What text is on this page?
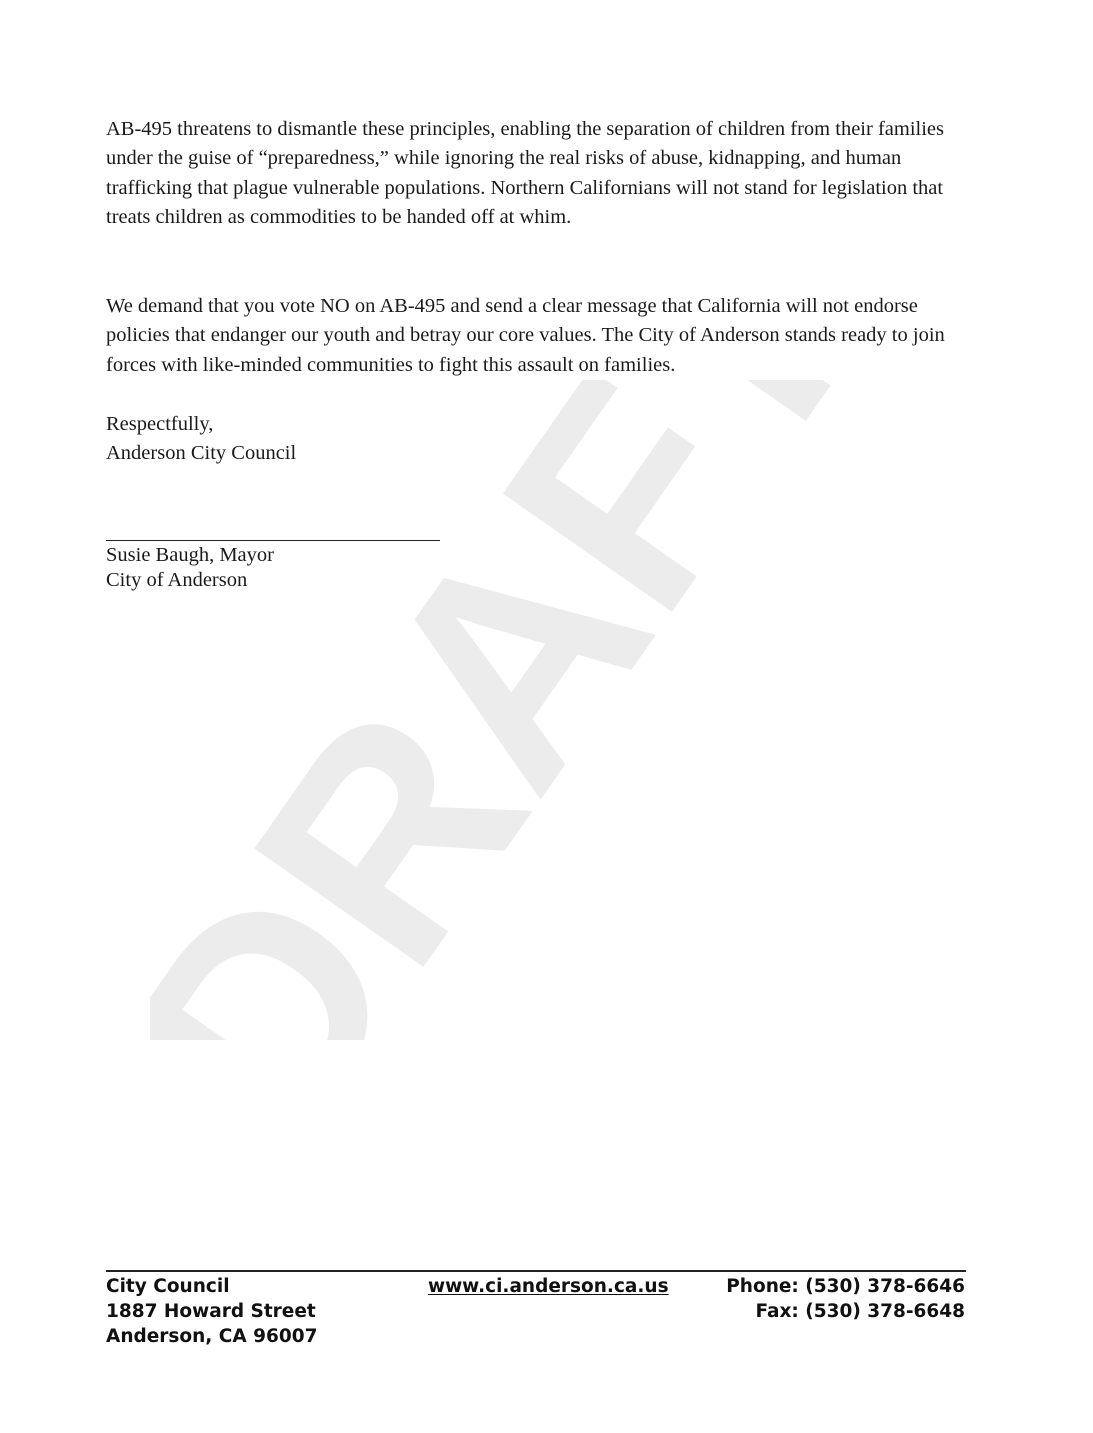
DRAFT

AB-495 threatens to dismantle these principles, enabling the separation of children from their families under the guise of “preparedness,” while ignoring the real risks of abuse, kidnapping, and human trafficking that plague vulnerable populations. Northern Californians will not stand for legislation that treats children as commodities to be handed off at whim.

We demand that you vote NO on AB-495 and send a clear message that California will not endorse policies that endanger our youth and betray our core values. The City of Anderson stands ready to join forces with like-minded communities to fight this assault on families.

Respectfully,

Anderson City Council

Susie Baugh, Mayor

City of Anderson

City Council
1887 Howard Street
Anderson, CA 96007
www.ci.anderson.ca.us	Phone: (530) 378-6646
Fax: (530) 378-6648
